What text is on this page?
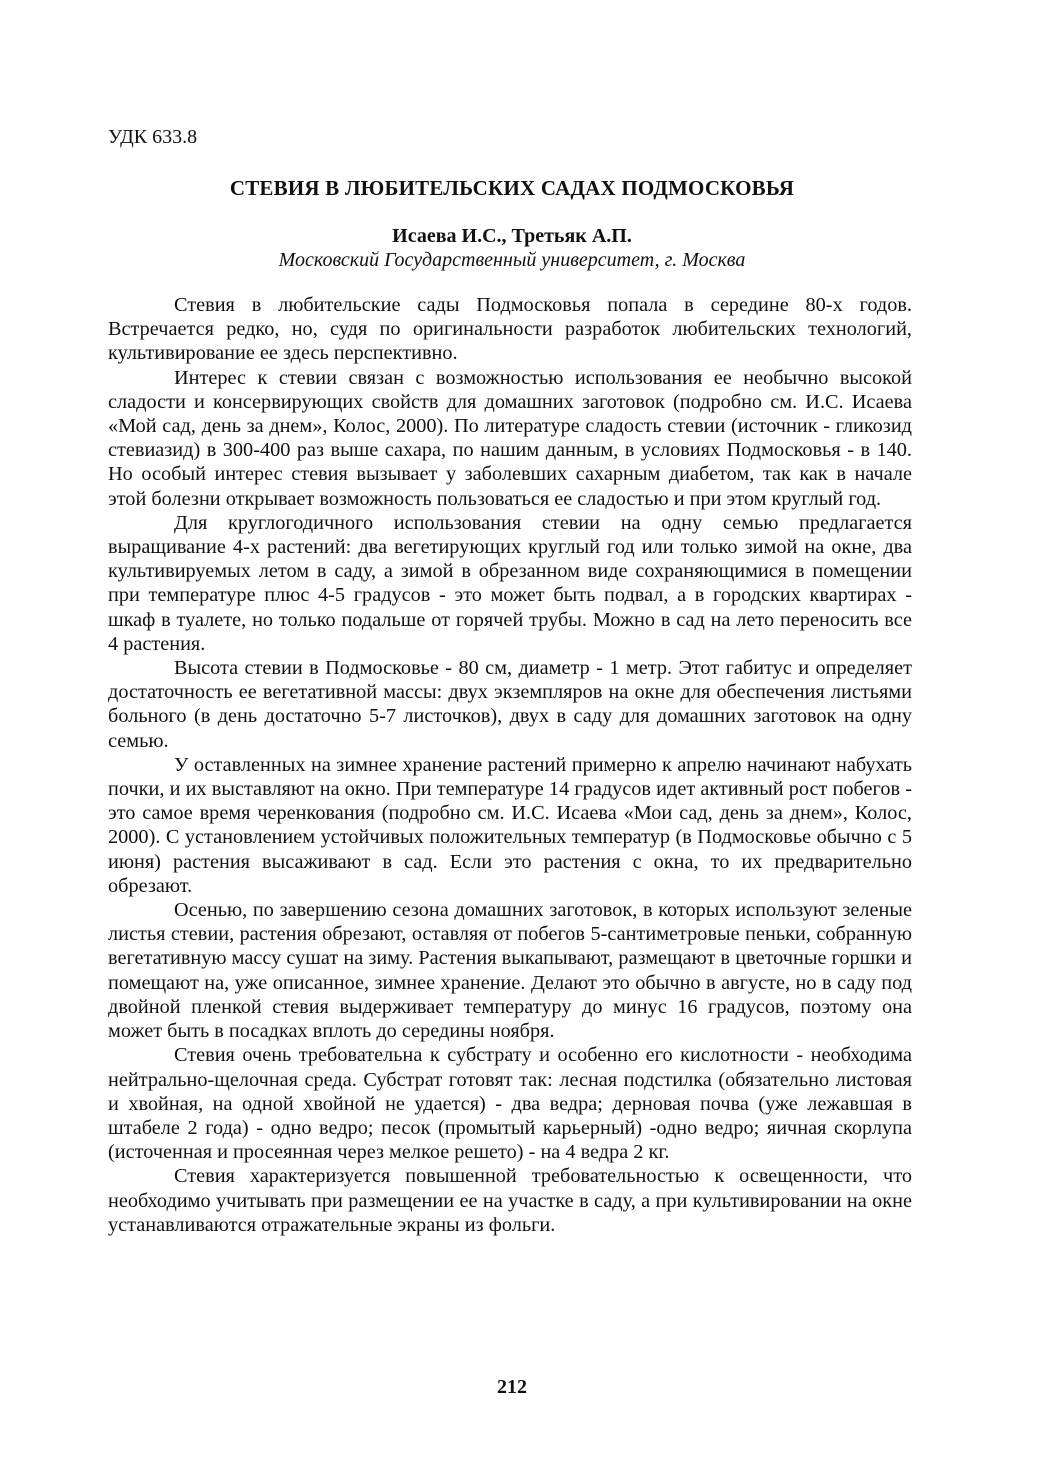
УДК 633.8
СТЕВИЯ В ЛЮБИТЕЛЬСКИХ САДАХ ПОДМОСКОВЬЯ
Исаева И.С., Третьяк А.П.
Московский Государственный университет, г. Москва

Стевия в любительские сады Подмосковья попала в середине 80-х годов. Встречается редко, но, судя по оригинальности разработок любительских технологий, культивирование ее здесь перспективно.

Интерес к стевии связан с возможностью использования ее необычно высокой сладости и консервирующих свойств для домашних заготовок (подробно см. И.С. Исаева «Мой сад, день за днем», Колос, 2000). По литературе сладость стевии (источник - гликозид стевиазид) в 300-400 раз выше сахара, по нашим данным, в условиях Подмосковья - в 140. Но особый интерес стевия вызывает у заболевших сахарным диабетом, так как в начале этой болезни открывает возможность пользоваться ее сладостью и при этом круглый год.

Для круглогодичного использования стевии на одну семью предлагается выращивание 4-х растений: два вегетирующих круглый год или только зимой на окне, два культивируемых летом в саду, а зимой в обрезанном виде сохраняющимися в помещении при температуре плюс 4-5 градусов - это может быть подвал, а в городских квартирах - шкаф в туалете, но только подальше от горячей трубы. Можно в сад на лето переносить все 4 растения.

Высота стевии в Подмосковье - 80 см, диаметр - 1 метр. Этот габитус и определяет достаточность ее вегетативной массы: двух экземпляров на окне для обеспечения листьями больного (в день достаточно 5-7 листочков), двух в саду для домашних заготовок на одну семью.

У оставленных на зимнее хранение растений примерно к апрелю начинают набухать почки, и их выставляют на окно. При температуре 14 градусов идет активный рост побегов - это самое время черенкования (подробно см. И.С. Исаева «Мои сад, день за днем», Колос, 2000). С установлением устойчивых положительных температур (в Подмосковье обычно с 5 июня) растения высаживают в сад. Если это растения с окна, то их предварительно обрезают.

Осенью, по завершению сезона домашних заготовок, в которых используют зеленые листья стевии, растения обрезают, оставляя от побегов 5-сантиметровые пеньки, собранную вегетативную массу сушат на зиму. Растения выкапывают, размещают в цветочные горшки и помещают на, уже описанное, зимнее хранение. Делают это обычно в августе, но в саду под двойной пленкой стевия выдерживает температуру до минус 16 градусов, поэтому она может быть в посадках вплоть до середины ноября.

Стевия очень требовательна к субстрату и особенно его кислотности - необходима нейтрально-щелочная среда. Субстрат готовят так: лесная подстилка (обязательно листовая и хвойная, на одной хвойной не удается) - два ведра; дерновая почва (уже лежавшая в штабеле 2 года) - одно ведро; песок (промытый карьерный) -одно ведро; яичная скорлупа (источенная и просеянная через мелкое решето) - на 4 ведра 2 кг.

Стевия характеризуется повышенной требовательностью к освещенности, что необходимо учитывать при размещении ее на участке в саду, а при культивировании на окне устанавливаются отражательные экраны из фольги.

212
